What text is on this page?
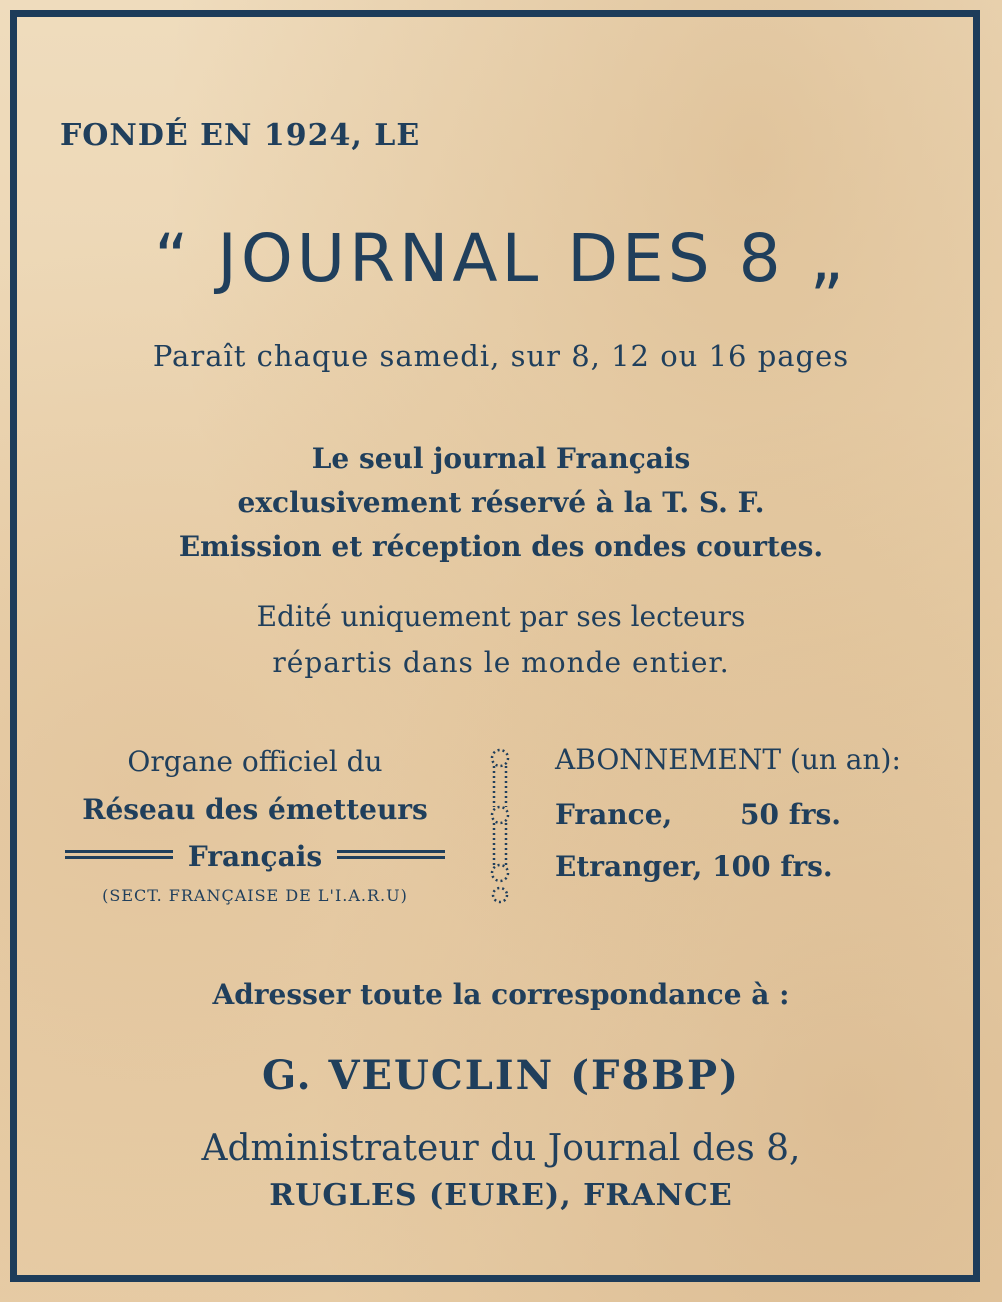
FONDÉ EN 1924, LE

“ JOURNAL DES 8 „

Paraît chaque samedi, sur 8, 12 ou 16 pages

Le seul journal Français

exclusivement réservé à la T. S. F.

Emission et réception des ondes courtes.

Edité uniquement par ses lecteurs

répartis dans le monde entier.

Organe officiel du

Réseau des émetteurs

Français

(SECT. FRANÇAISE DE L'I.A.R.U)

ABONNEMENT (un an):

France, 50 frs.

Etranger, 100 frs.

Adresser toute la correspondance à :

G. VEUCLIN (F8BP)

Administrateur du Journal des 8,

RUGLES (EURE), FRANCE
